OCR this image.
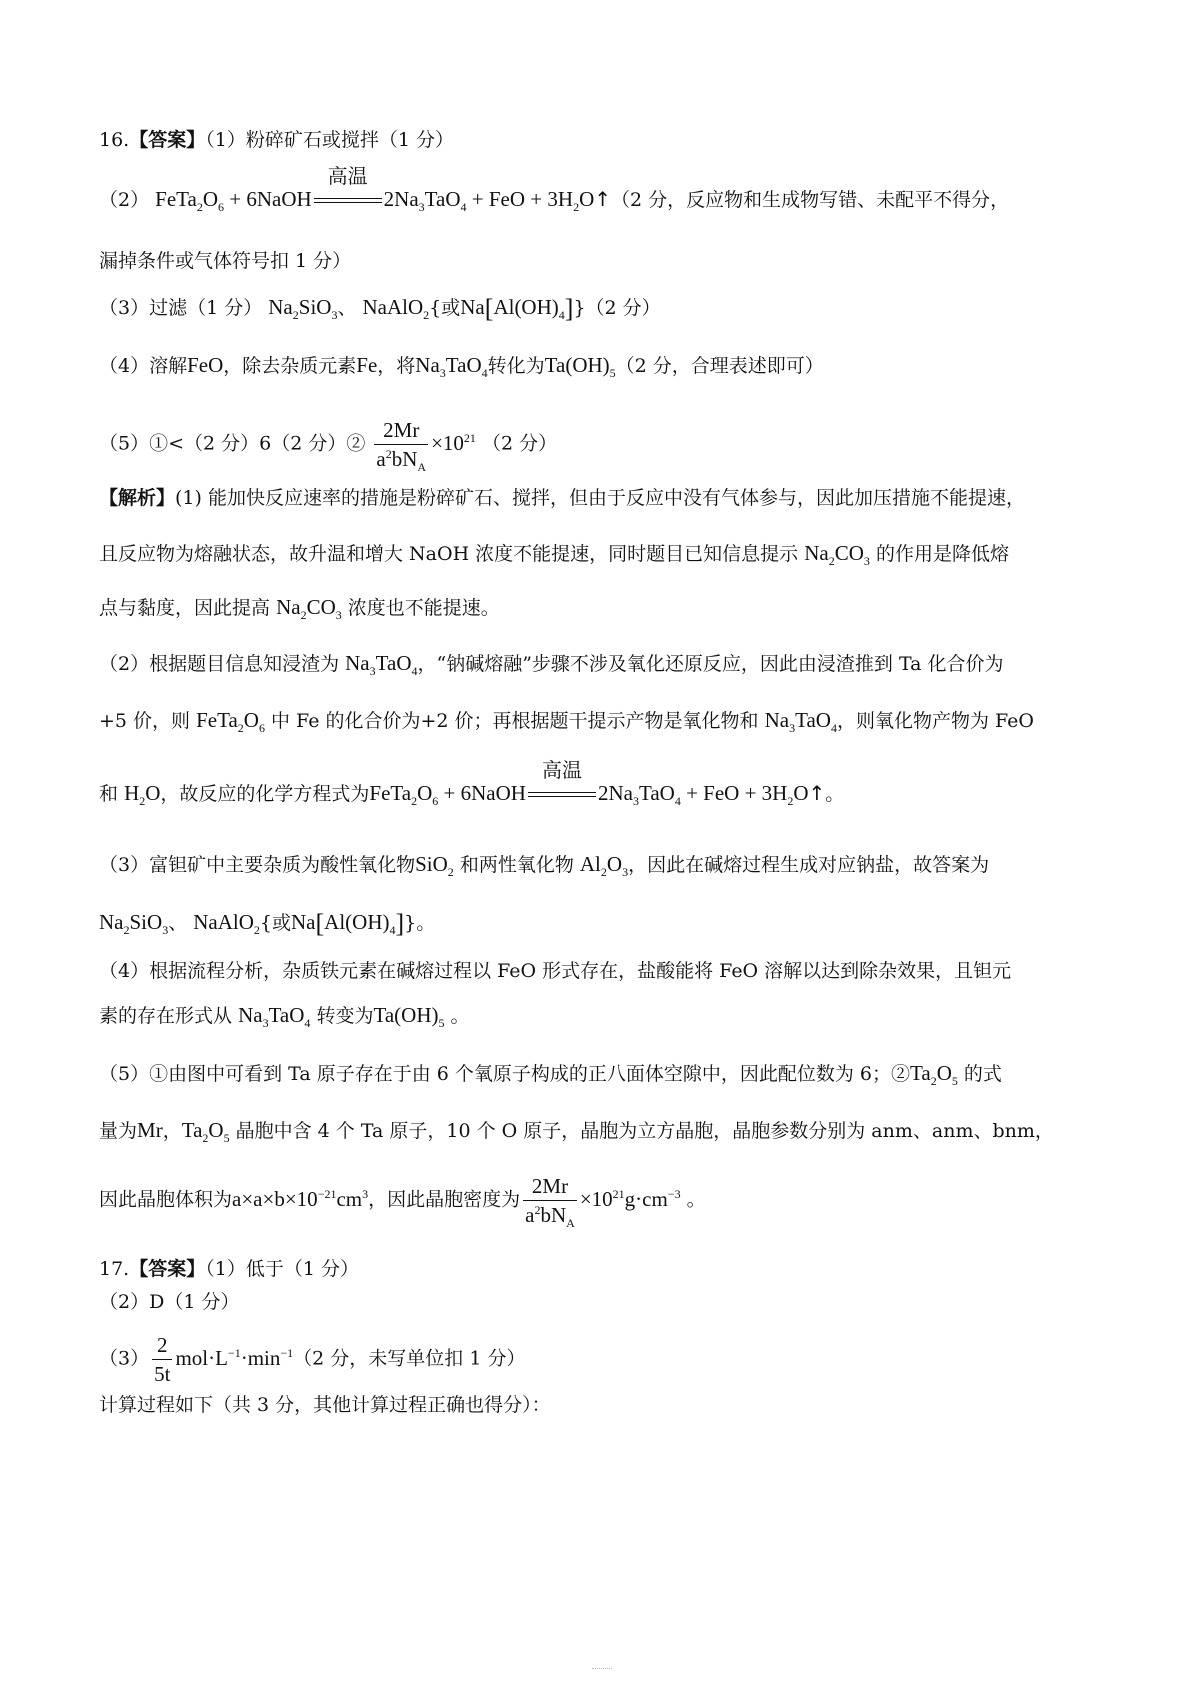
16.【答案】（1）粉碎矿石或搅拌（1 分）
（2） $FeTa_2O_6$ + 6NaOH
高温
$2Na_3TaO_4$ + FeO + $3H_2O↑(2$ 分，反应物和生成物写错、未配平不得分，
漏掉条件或气体符号扣 1 分）
（3）过滤（1 分） $Na_2SiO_3$、 NaAlO$_2${或$Na[Al(OH)_4]\}(2$ 分）
（4）溶解FeO，除去杂质元素Fe，将$Na_3TaO_4$转化为$Ta(OH)_5(2$ 分，合理表述即可）
（5）①<（2 分）6（2 分）② $\frac{2Mr}{a^2bN_A} \times 10^{21}$ （2 分）
【解析】(1) 能加快反应速率的措施是粉碎矿石、搅拌，但由于反应中没有气体参与，因此加压措施不能提速，
且反应物为熔融状态，故升温和增大 NaOH 浓度不能提速，同时题目已知信息提示 $Na_2CO_3$ 的作用是降低熔
点与黏度，因此提高 $Na_2CO_3$ 浓度也不能提速。
（2）根据题目信息知浸渣为 $Na_3TaO_4$，“钠碱熔融”步骤不涉及氧化还原反应，因此由浸渣推到 Ta 化合价为
+5 价，则 $FeTa_2O_6$ 中 Fe 的化合价为+2 价；再根据题干提示产物是氧化物和 $Na_3TaO_4$，则氧化物产物为 FeO
和 $H_2O$，故反应的化学方程式为$FeTa_2O_6$ + 6NaOH
高温
$2Na_3TaO_4$ + FeO + $3H_2O↑$。
（3）富钽矿中主要杂质为酸性氧化物SiO$_2$ 和两性氧化物 $Al_2O_3$，因此在碱熔过程生成对应钠盐，故答案为
$Na_2SiO_3$、 NaAlO$_2${或$Na[Al(OH)_4]$}。
（4）根据流程分析，杂质铁元素在碱熔过程以 FeO 形式存在，盐酸能将 FeO 溶解以达到除杂效果，且钽元
素的存在形式从 $Na_3TaO_4$ 转变为$Ta(OH)_5$ 。
（5）①由图中可看到 Ta 原子存在于由 6 个氧原子构成的正八面体空隙中，因此配位数为 6；$②Ta_2O_5$ 的式
量为Mr，$Ta_2O_5$ 晶胞中含 4 个 Ta 原子，10 个 O 原子，晶胞为立方晶胞，晶胞参数分别为 anm、anm、bnm，
因此晶胞体积为$a\times a\times b\times 10^{-21}cm^3$，因此晶胞密度为 $\frac{2Mr}{a^2bN_A} \times 10^{21}g\cdot cm^{-3}$ 。
17.【答案】（1）低于（1 分）
（2）D（1 分）
$(3) \frac{2}{5t} mol\cdot L^{-1}\cdot\min^{-1}(2$ 分，未写单位扣 1 分）
计算过程如下（共 3 分，其他计算过程正确也得分）：
